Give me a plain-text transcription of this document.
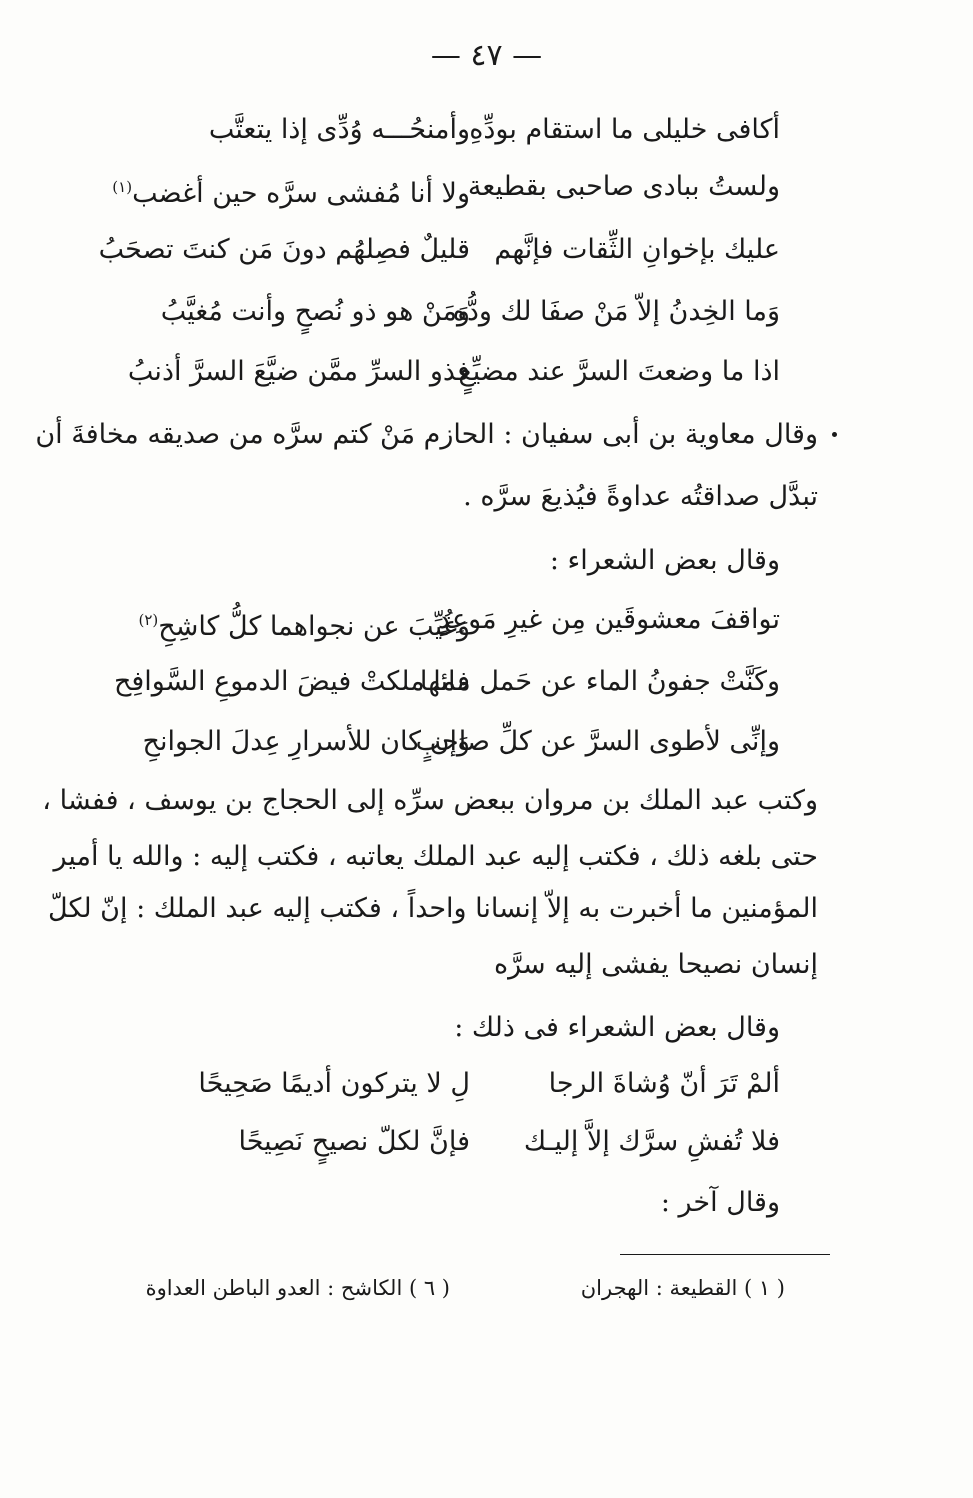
— ٤٧ —
أكافى خليلى ما استقام بودِّهِ
وأمنحُـــه وُدِّى إذا يتعتَّب
ولستُ ببادى صاحبى بقطيعة
ولا أنا مُفشى سرَّه حين أغضب$^{(١)}$
عليك بإخوانِ الثِّقات فإنَّهم
قليلٌ فصِلهُم دونَ مَن كنتَ تصحَبُ
وَما الخِدنُ إلاّ مَنْ صفَا لك ودُّه
وَمَنْ هو ذو نُصحٍ وأنت مُغيَّبُ
اذا ما وضعتَ السرَّ عند مضيِّعٍ
فذو السرِّ ممَّن ضيَّعَ السرَّ أذنبُ
وقال معاوية بن أبى سفيان : الحازم مَنْ كتم سرَّه من صديقه مخافةَ أن
تبدَّل صداقتُه عداوةً فيُذيعَ سرَّه .
وقال بعض الشعراء :
تواقفَ معشوقَين مِن غيرِ مَوعِدٍ
وَغُيِّبَ عن نجواهما كلُّ كاشِحِ$^{(٢)}$
وكَنَّتْ جفونُ الماء عن حَمل مائها
فما ملكتْ فيضَ الدموعِ السَّوافِح
وإنِّى لأطوى السرَّ عن كلِّ صاحبٍ
وَإن كان للأسرارِ عِدلَ الجوانحِ
وكتب عبد الملك بن مروان ببعض سرِّه إلى الحجاج بن يوسف ، ففشا ،
حتى بلغه ذلك ، فكتب إليه عبد الملك يعاتبه ، فكتب إليه : والله يا أمير
المؤمنين ما أخبرت به إلاّ إنسانا واحداً ، فكتب إليه عبد الملك : إنّ لكلّ
إنسان نصيحا يفشى إليه سرَّه
وقال بعض الشعراء فى ذلك :
ألمْ تَرَ أنّ وُشاةَ الرجا
لِ لا يتركون أديمًا صَحِيحًا
فلا تُفشِ سرَّك إلاَّ إليـك
فإنَّ لكلّ نصيحٍ نَصِيحًا
وقال آخر :
( ١ ) القطيعة : الهجران
( ٦ ) الكاشح : العدو الباطن العداوة
